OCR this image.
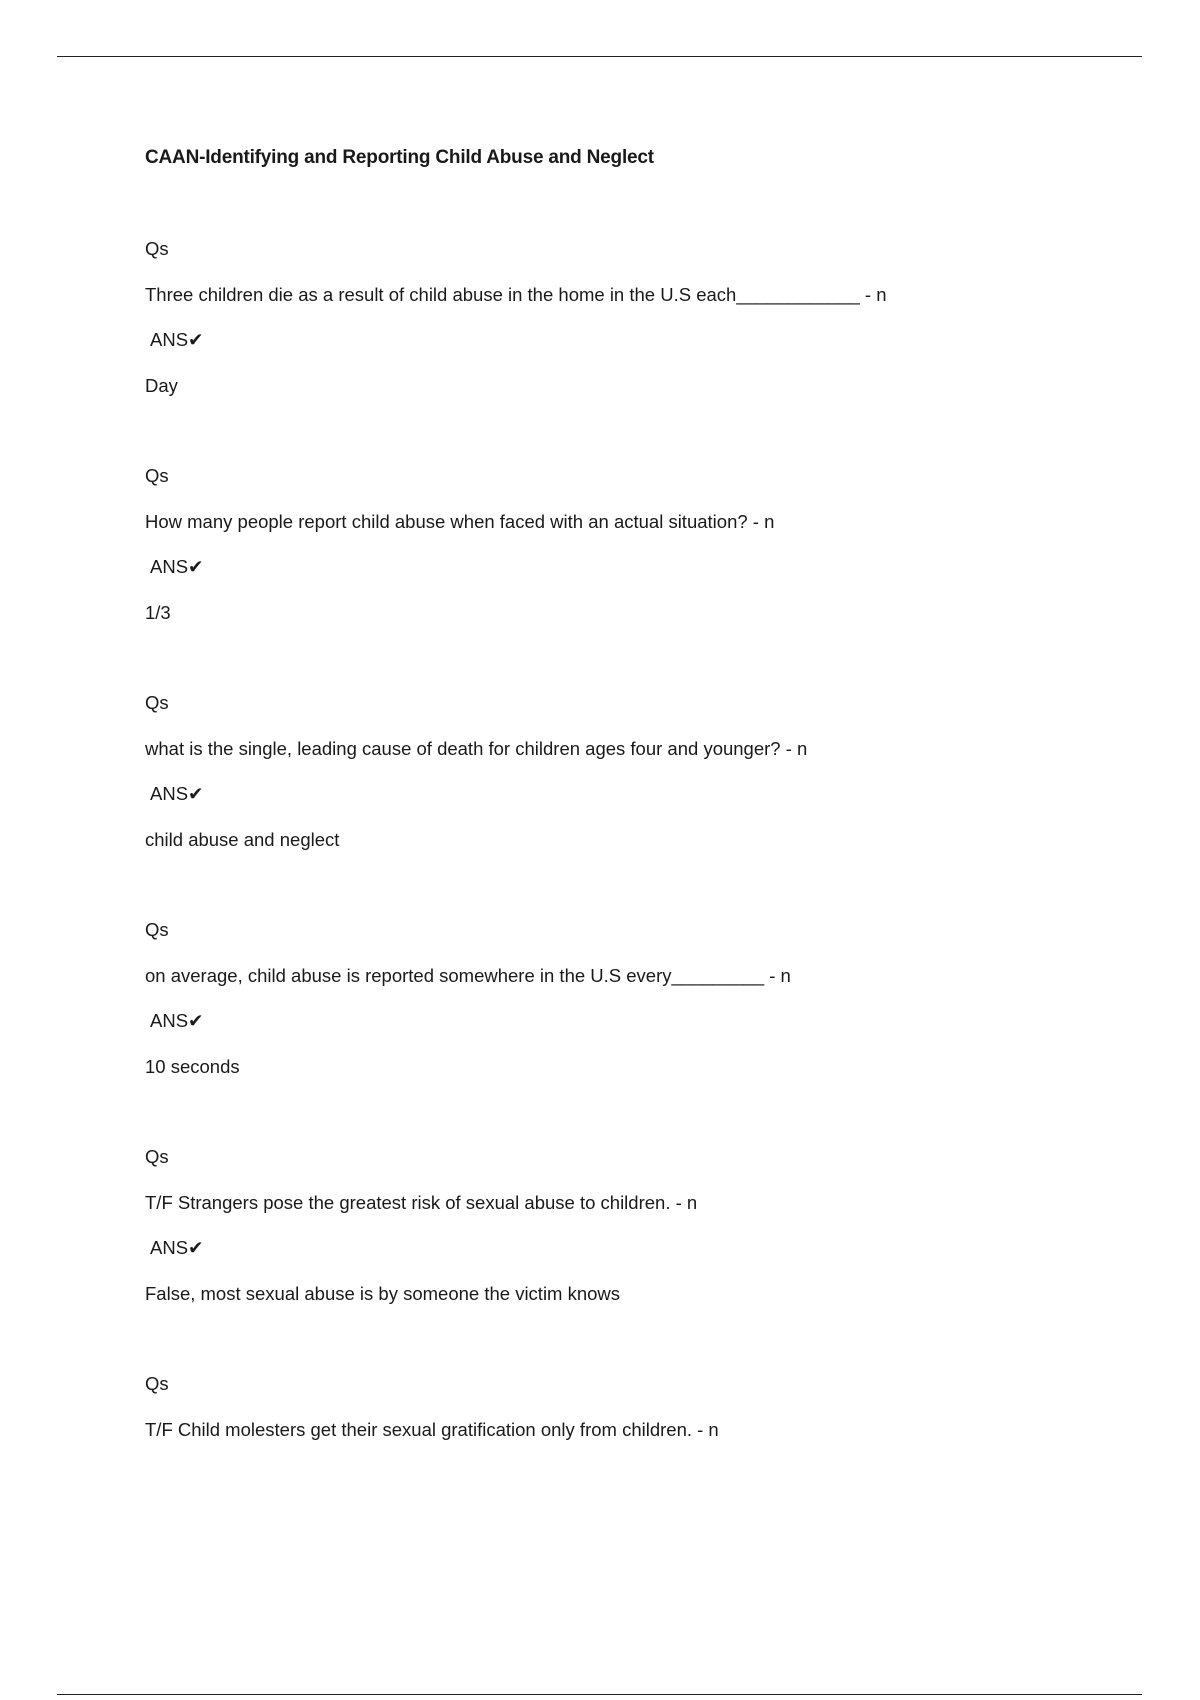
CAAN-Identifying and Reporting Child Abuse and Neglect
Qs
Three children die as a result of child abuse in the home in the U.S each____________ - n
ANS✔
Day
Qs
How many people report child abuse when faced with an actual situation? - n
ANS✔
1/3
Qs
what is the single, leading cause of death for children ages four and younger? - n
ANS✔
child abuse and neglect
Qs
on average, child abuse is reported somewhere in the U.S every_________ - n
ANS✔
10 seconds
Qs
T/F Strangers pose the greatest risk of sexual abuse to children. - n
ANS✔
False, most sexual abuse is by someone the victim knows
Qs
T/F Child molesters get their sexual gratification only from children. - n
